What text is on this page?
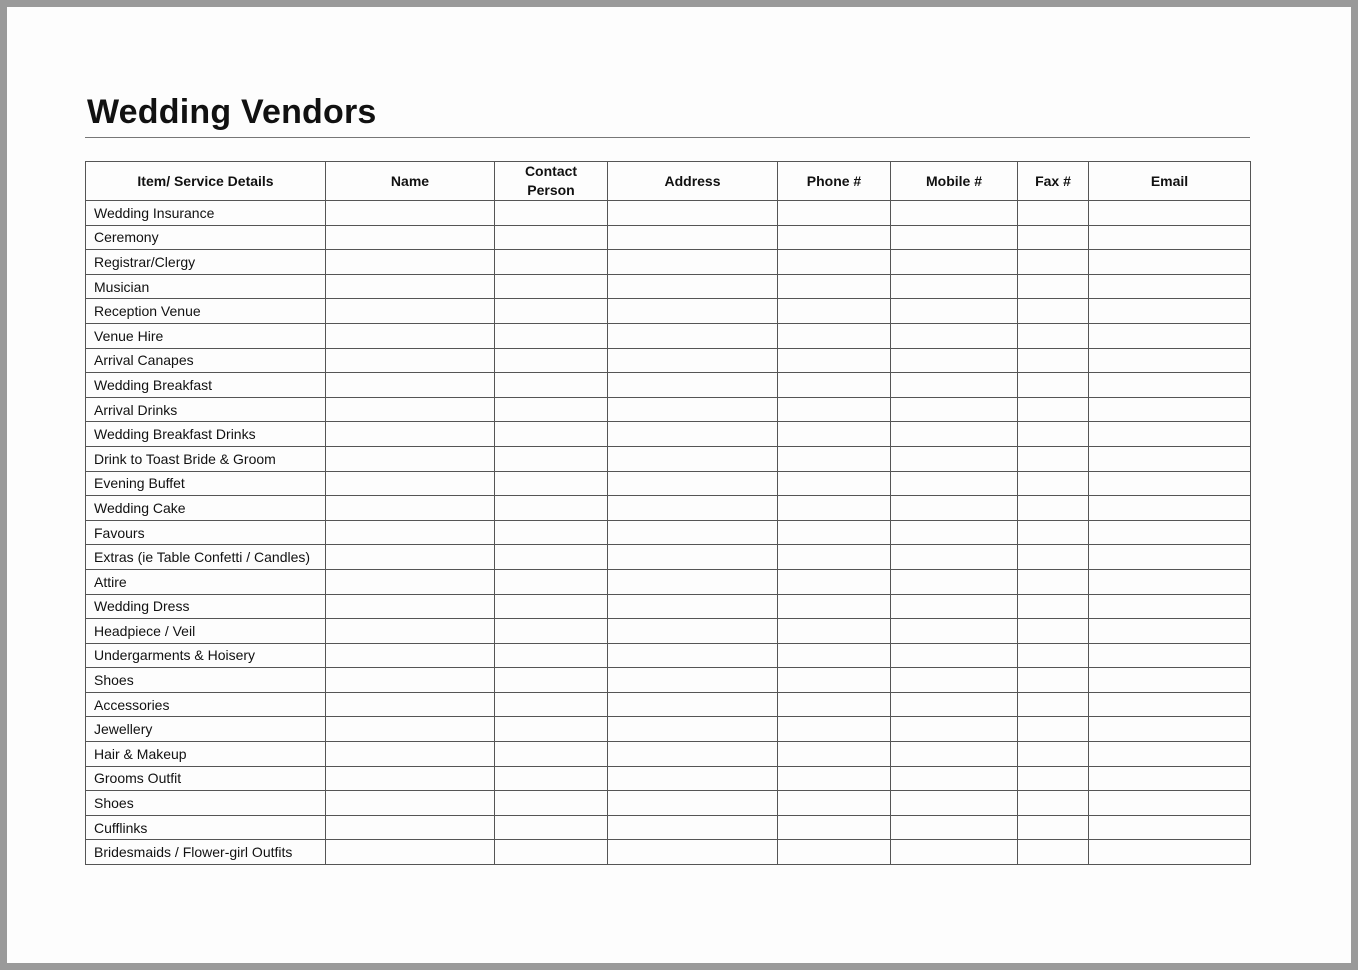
Wedding Vendors
Item/ Service Details	Name	Contact Person	Address	Phone #	Mobile #	Fax #	Email
Wedding Insurance							
Ceremony							
Registrar/Clergy							
Musician							
Reception Venue							
Venue Hire							
Arrival Canapes							
Wedding Breakfast							
Arrival Drinks							
Wedding Breakfast Drinks							
Drink to Toast Bride & Groom							
Evening Buffet							
Wedding Cake							
Favours							
Extras (ie Table Confetti / Candles)							
Attire							
Wedding Dress							
Headpiece / Veil							
Undergarments & Hoisery							
Shoes							
Accessories							
Jewellery							
Hair & Makeup							
Grooms Outfit							
Shoes							
Cufflinks							
Bridesmaids / Flower-girl Outfits							
